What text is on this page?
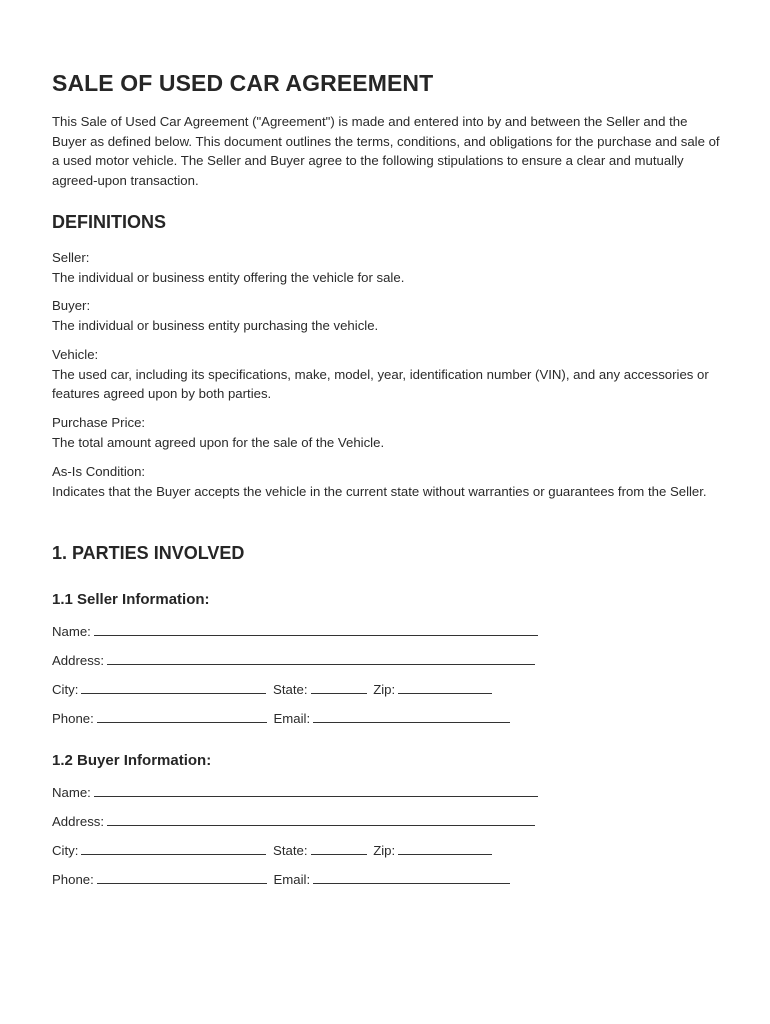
SALE OF USED CAR AGREEMENT
This Sale of Used Car Agreement ("Agreement") is made and entered into by and between the Seller and the Buyer as defined below. This document outlines the terms, conditions, and obligations for the purchase and sale of a used motor vehicle. The Seller and Buyer agree to the following stipulations to ensure a clear and mutually agreed-upon transaction.
DEFINITIONS
Seller:
The individual or business entity offering the vehicle for sale.
Buyer:
The individual or business entity purchasing the vehicle.
Vehicle:
The used car, including its specifications, make, model, year, identification number (VIN), and any accessories or features agreed upon by both parties.
Purchase Price:
The total amount agreed upon for the sale of the Vehicle.
As-Is Condition:
Indicates that the Buyer accepts the vehicle in the current state without warranties or guarantees from the Seller.
1. PARTIES INVOLVED
1.1 Seller Information:
Name:
Address:
City:	State:	Zip:
Phone:	Email:
1.2 Buyer Information:
Name:
Address:
City:	State:	Zip:
Phone:	Email:
